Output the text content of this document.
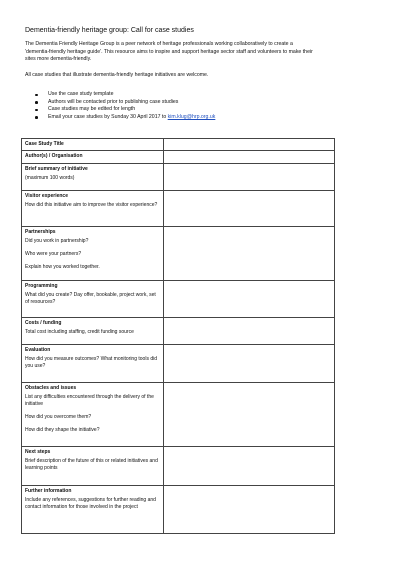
Dementia-friendly heritage group: Call for case studies
The Dementia Friendly Heritage Group is a peer network of heritage professionals working collaboratively to create a
'dementia-friendly heritage guide'. This resource aims to inspire and support heritage sector staff and volunteers to make their
sites more dementia-friendly.
All case studies that illustrate dementia-friendly heritage initiatives are welcome.
Use the case study template
Authors will be contacted prior to publishing case studies
Case studies may be edited for length
Email your case studies by Sunday 30 April 2017 to kim.klug@hrp.org.uk
Case Study Title
Author(s) / Organisation
Brief summary of initiative
(maximum 100 words)
Visitor experience
How did this initiative aim to improve the visitor experience?
Partnerships
Did you work in partnership?
Who were your partners?
Explain how you worked together.
Programming
What did you create? Day offer, bookable, project work, set of resources?
Costs / funding
Total cost including staffing, credit funding source
Evaluation
How did you measure outcomes? What monitoring tools did you use?
Obstacles and issues
List any difficulties encountered through the delivery of the initiative
How did you overcome them?
How did they shape the initiative?
Next steps
Brief description of the future of this or related initiatives and learning points
Further information
Include any references, suggestions for further reading and contact information for those involved in the project
